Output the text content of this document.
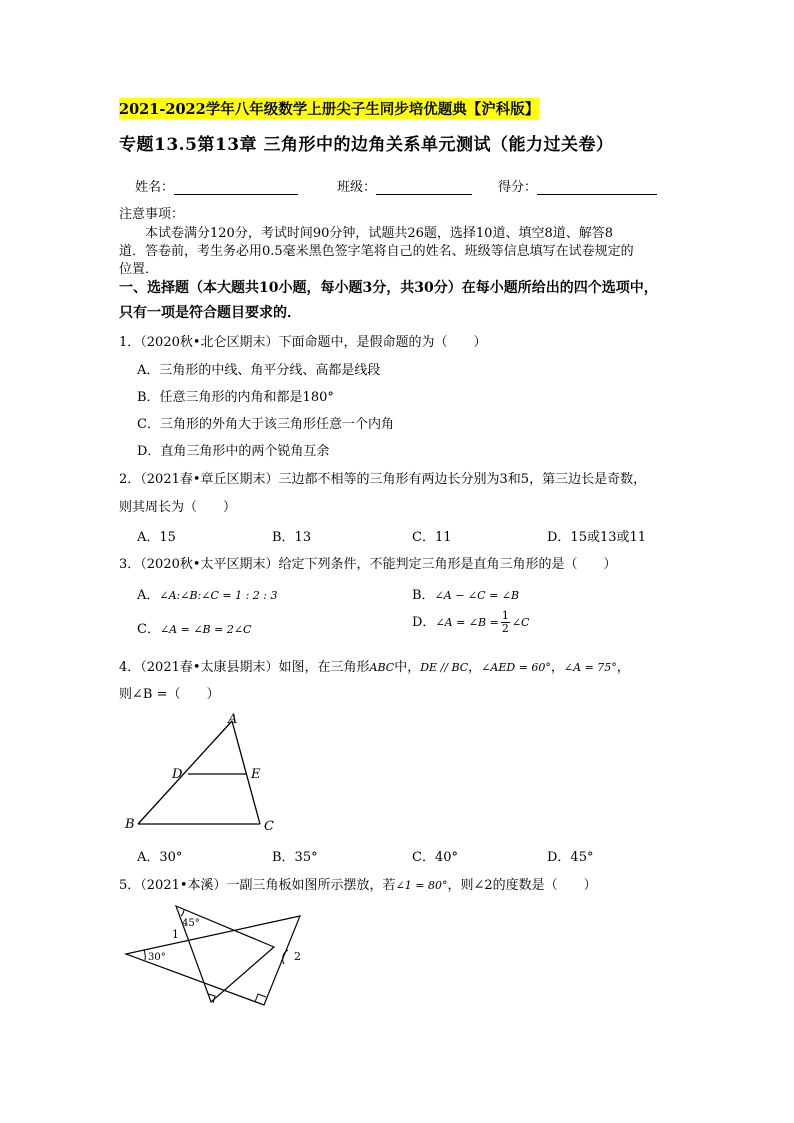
2021-2022学年八年级数学上册尖子生同步培优题典【沪科版】
专题13.5第13章 三角形中的边角关系单元测试（能力过关卷）
姓名：	班级：	得分：
注意事项：
本试卷满分120分，考试时间90分钟，试题共26题，选择10道、填空8道、解答8
道．答卷前，考生务必用0.5毫米黑色签字笔将自己的姓名、班级等信息填写在试卷规定的
位置．
一、选择题（本大题共10小题，每小题3分，共30分）在每小题所给出的四个选项中，
只有一项是符合题目要求的．
1．（2020秋•北仑区期末）下面命题中，是假命题的为（　　）
A．三角形的中线、角平分线、高都是线段
B．任意三角形的内角和都是180°
C．三角形的外角大于该三角形任意一个内角
D．直角三角形中的两个锐角互余
2．（2021春•章丘区期末）三边都不相等的三角形有两边长分别为3和5，第三边长是奇数，
则其周长为（　　）
A．15	B．13	C．11	D．15或13或11
3．（2020秋•太平区期末）给定下列条件，不能判定三角形是直角三角形的是（　　）
A．∠A:∠B:∠C = 1 : 2 : 3	B．∠A − ∠C = ∠B
C．∠A = ∠B = 2∠C	D．∠A = ∠B = $\frac{1}{2}$ ∠C
4．（2021春•太康县期末）如图，在三角形ABC中，DE // BC，∠AED = 60°，∠A = 75°，
则∠B =（　　）
A
D	E
B	C
A．30°	B．35°	C．40°	D．45°
5．（2021•本溪）一副三角板如图所示摆放，若∠1 = 80°，则∠2的度数是（　　）
45°
30°
1
2
